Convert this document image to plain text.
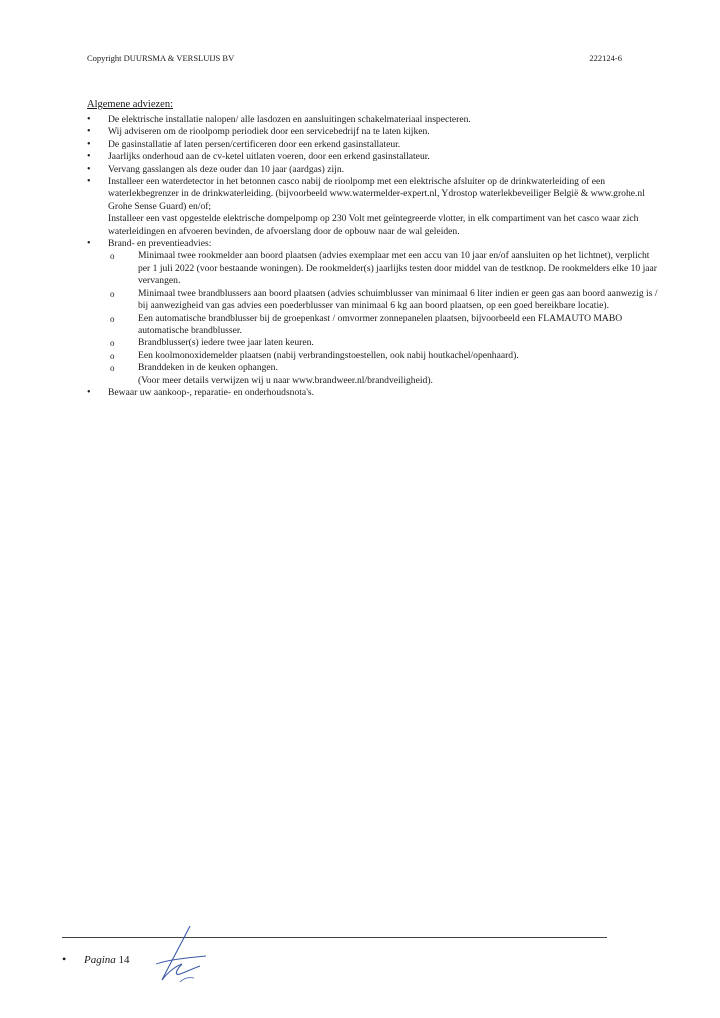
Copyright DUURSMA & VERSLUIJS BV	222124-6
Algemene adviezen:
• De elektrische installatie nalopen/ alle lasdozen en aansluitingen schakelmateriaal inspecteren.
• Wij adviseren om de rioolpomp periodiek door een servicebedrijf na te laten kijken.
• De gasinstallatie af laten persen/certificeren door een erkend gasinstallateur.
• Jaarlijks onderhoud aan de cv-ketel uitlaten voeren, door een erkend gasinstallateur.
• Vervang gasslangen als deze ouder dan 10 jaar (aardgas) zijn.
• Installeer een waterdetector in het betonnen casco nabij de rioolpomp met een elektrische afsluiter op de drinkwaterleiding of een waterlekbegrenzer in de drinkwaterleiding. (bijvoorbeeld www.watermelder-expert.nl, Ydrostop waterlekbeveiliger België & www.grohe.nl Grohe Sense Guard) en/of;
Installeer een vast opgestelde elektrische dompelpomp op 230 Volt met geïntegreerde vlotter, in elk compartiment van het casco waar zich waterleidingen en afvoeren bevinden, de afvoerslang door de opbouw naar de wal geleiden.
• Brand- en preventieadvies:
o Minimaal twee rookmelder aan boord plaatsen (advies exemplaar met een accu van 10 jaar en/of aansluiten op het lichtnet), verplicht per 1 juli 2022 (voor bestaande woningen). De rookmelder(s) jaarlijks testen door middel van de testknop. De rookmelders elke 10 jaar vervangen.
o Minimaal twee brandblussers aan boord plaatsen (advies schuimblusser van minimaal 6 liter indien er geen gas aan boord aanwezig is / bij aanwezigheid van gas advies een poederblusser van minimaal 6 kg aan boord plaatsen, op een goed bereikbare locatie).
o Een automatische brandblusser bij de groepenkast / omvormer zonnepanelen plaatsen, bijvoorbeeld een FLAMAUTO MABO automatische brandblusser.
o Brandblusser(s) iedere twee jaar laten keuren.
o Een koolmonoxidemelder plaatsen (nabij verbrandingstoestellen, ook nabij houtkachel/openhaard).
o Branddeken in de keuken ophangen.
(Voor meer details verwijzen wij u naar www.brandweer.nl/brandveiligheid).
• Bewaar uw aankoop-, reparatie- en onderhoudsnota's.
• Pagina 14
